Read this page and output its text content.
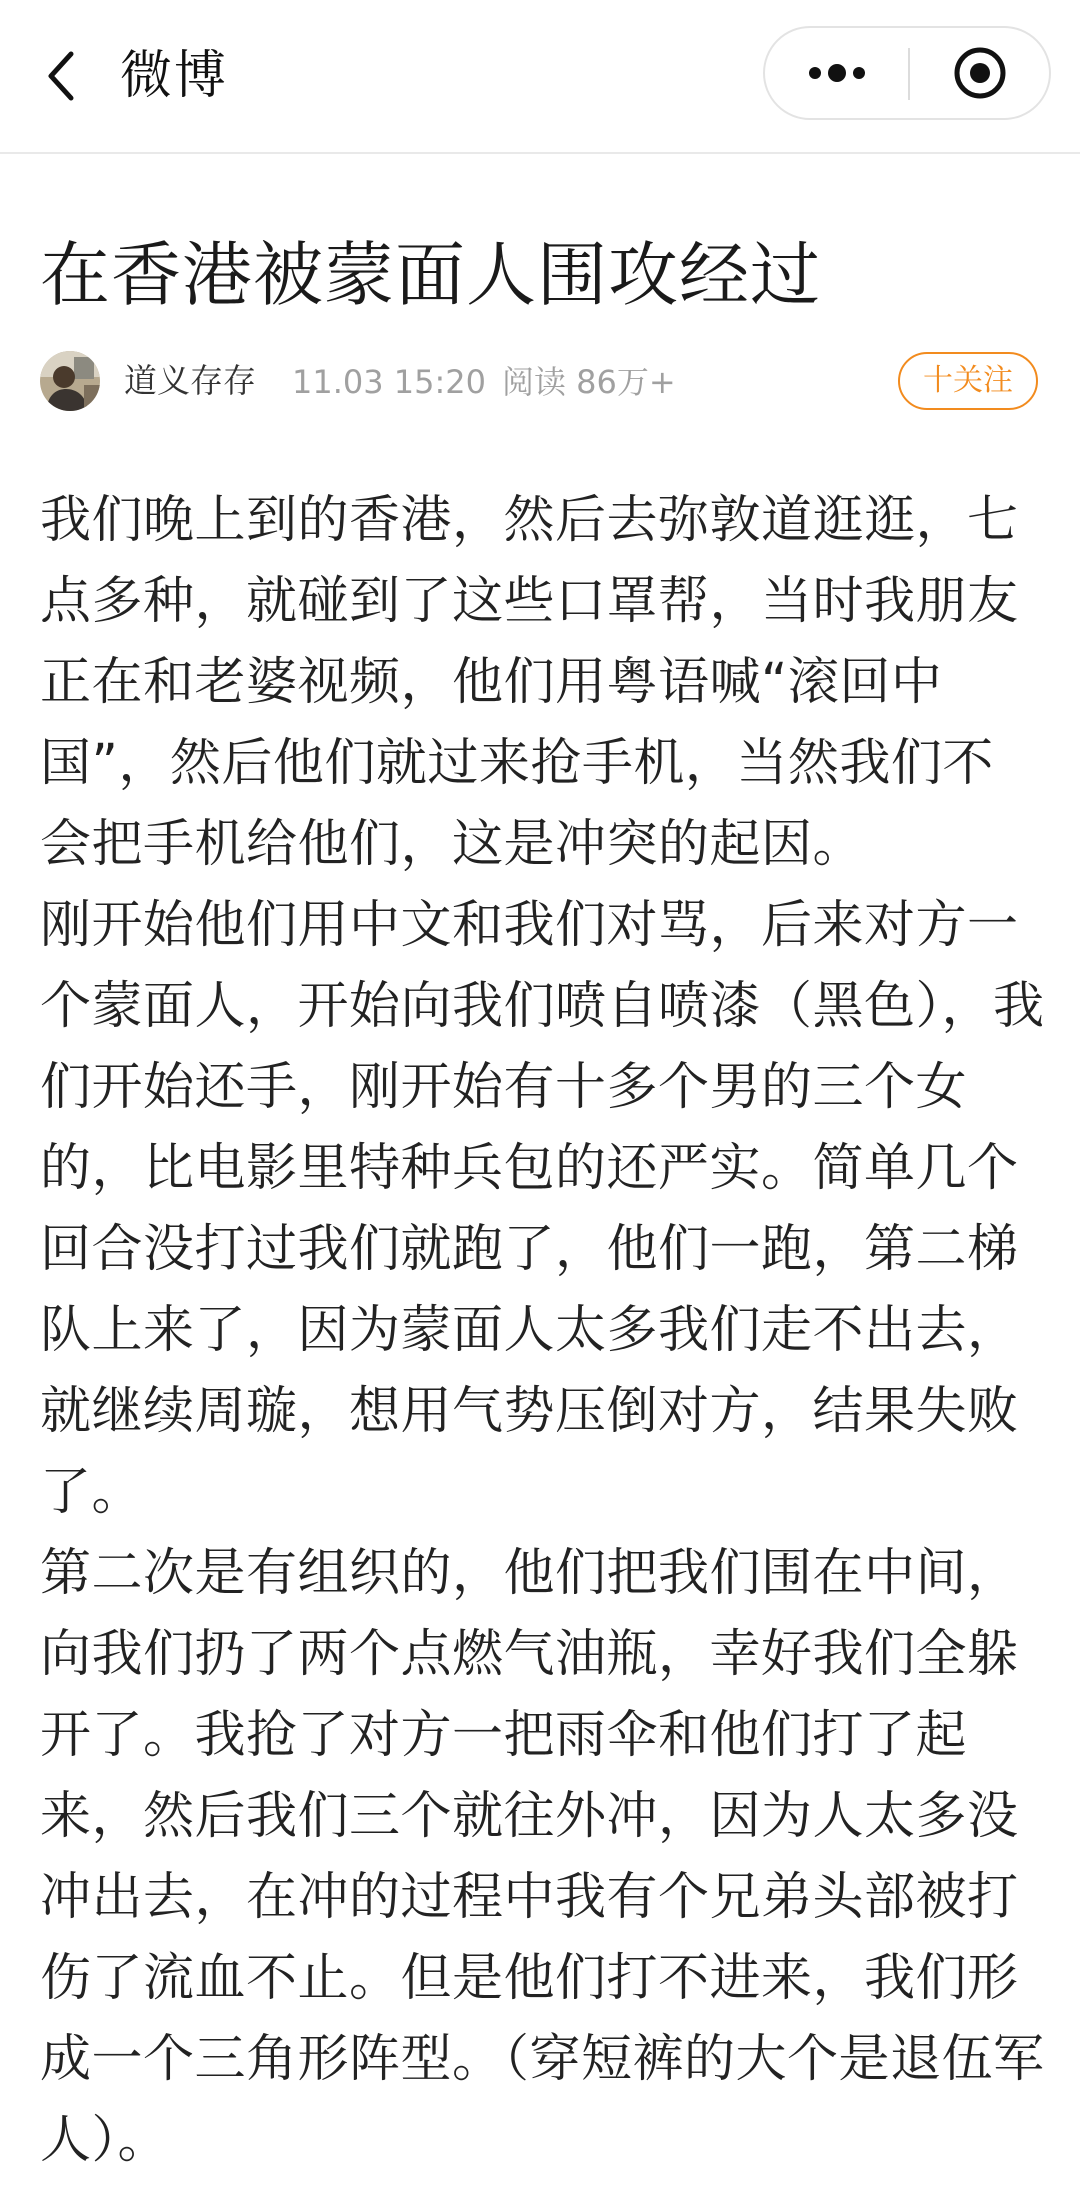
微博
在香港被蒙面人围攻经过
道义存存 11.03 15:20 阅读 86万+	十关注

我们晚上到的香港，然后去弥敦道逛逛，七点多种，就碰到了这些口罩帮，当时我朋友正在和老婆视频，他们用粤语喊“滚回中国”，然后他们就过来抢手机，当然我们不会把手机给他们，这是冲突的起因。

刚开始他们用中文和我们对骂，后来对方一个蒙面人，开始向我们喷自喷漆（黑色），我们开始还手，刚开始有十多个男的三个女的，比电影里特种兵包的还严实。简单几个回合没打过我们就跑了，他们一跑，第二梯队上来了，因为蒙面人太多我们走不出去，就继续周璇，想用气势压倒对方，结果失败了。

第二次是有组织的，他们把我们围在中间，向我们扔了两个点燃气油瓶，幸好我们全躲开了。我抢了对方一把雨伞和他们打了起来，然后我们三个就往外冲，因为人太多没冲出去，在冲的过程中我有个兄弟头部被打伤了流血不止。但是他们打不进来，我们形成一个三角形阵型。（穿短裤的大个是退伍军人）。
